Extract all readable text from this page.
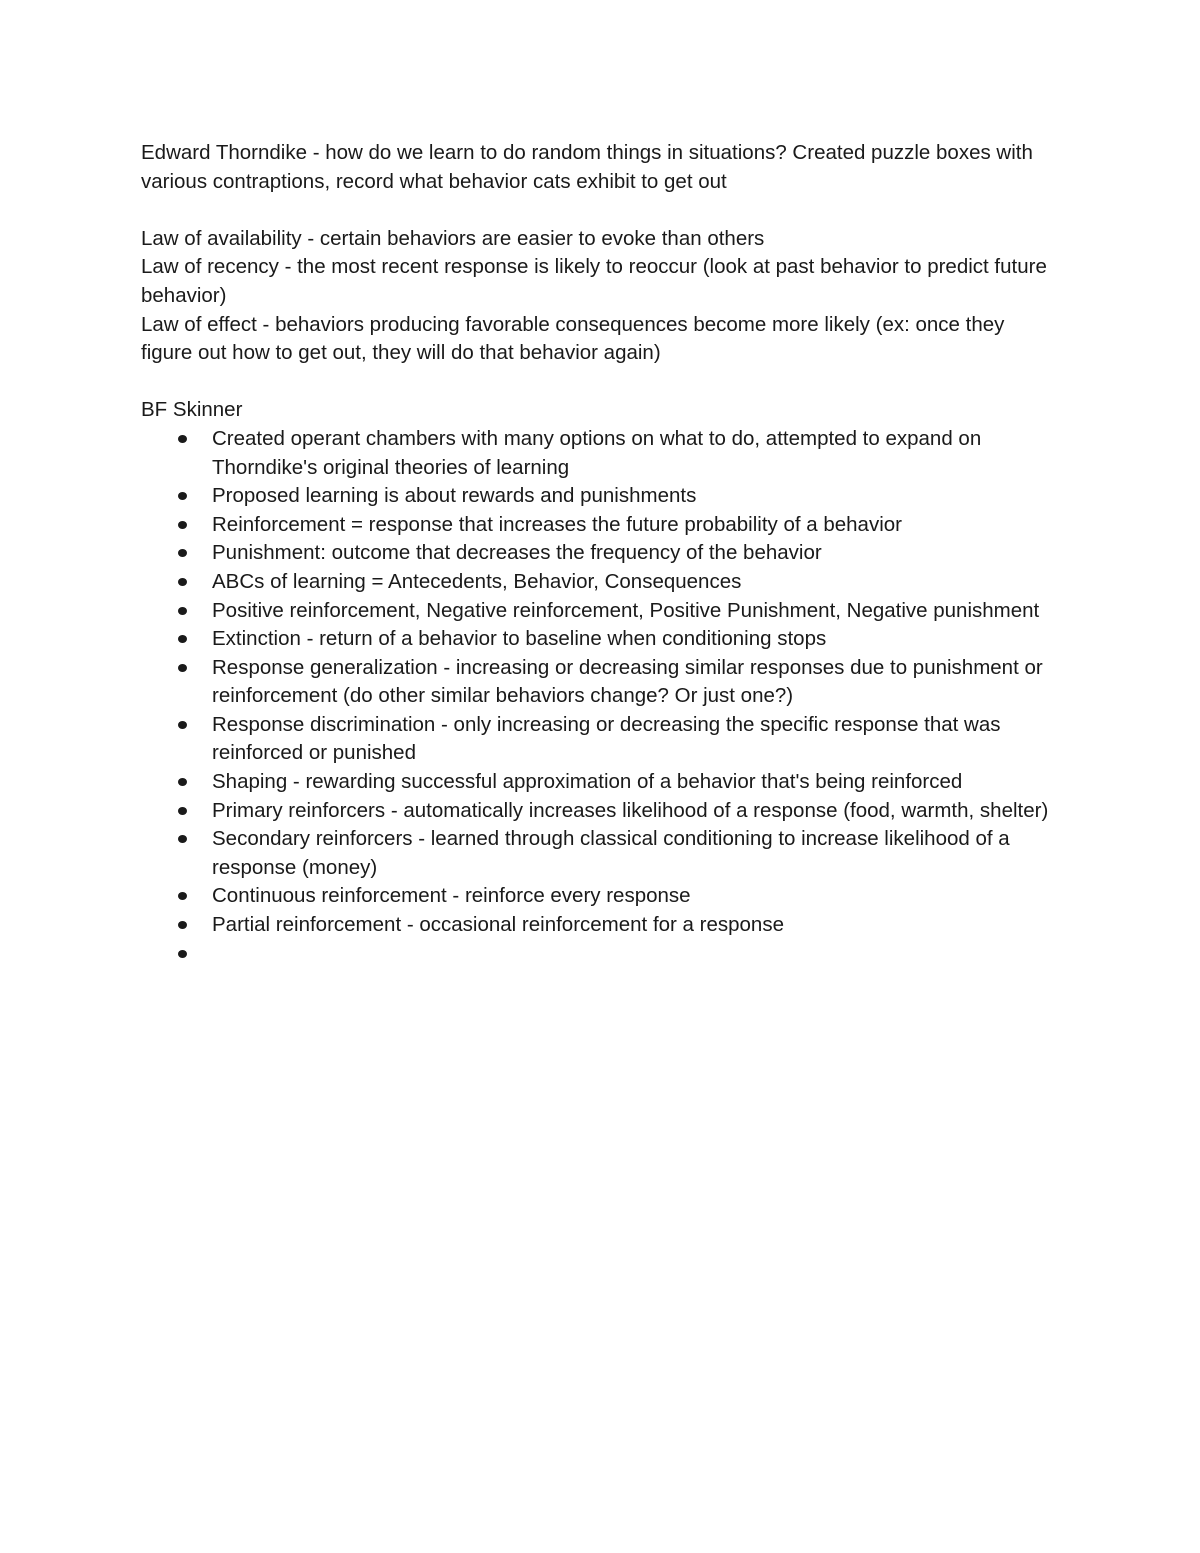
Edward Thorndike - how do we learn to do random things in situations? Created puzzle boxes with various contraptions, record what behavior cats exhibit to get out

Law of availability - certain behaviors are easier to evoke than others

Law of recency - the most recent response is likely to reoccur (look at past behavior to predict future behavior)

Law of effect - behaviors producing favorable consequences become more likely (ex: once they figure out how to get out, they will do that behavior again)

BF Skinner

Created operant chambers with many options on what to do, attempted to expand on Thorndike's original theories of learning
Proposed learning is about rewards and punishments
Reinforcement = response that increases the future probability of a behavior
Punishment: outcome that decreases the frequency of the behavior
ABCs of learning = Antecedents, Behavior, Consequences
Positive reinforcement, Negative reinforcement, Positive Punishment, Negative punishment
Extinction - return of a behavior to baseline when conditioning stops
Response generalization - increasing or decreasing similar responses due to punishment or reinforcement (do other similar behaviors change? Or just one?)
Response discrimination - only increasing or decreasing the specific response that was reinforced or punished
Shaping - rewarding successful approximation of a behavior that's being reinforced
Primary reinforcers - automatically increases likelihood of a response (food, warmth, shelter)
Secondary reinforcers - learned through classical conditioning to increase likelihood of a response (money)
Continuous reinforcement - reinforce every response
Partial reinforcement - occasional reinforcement for a response
